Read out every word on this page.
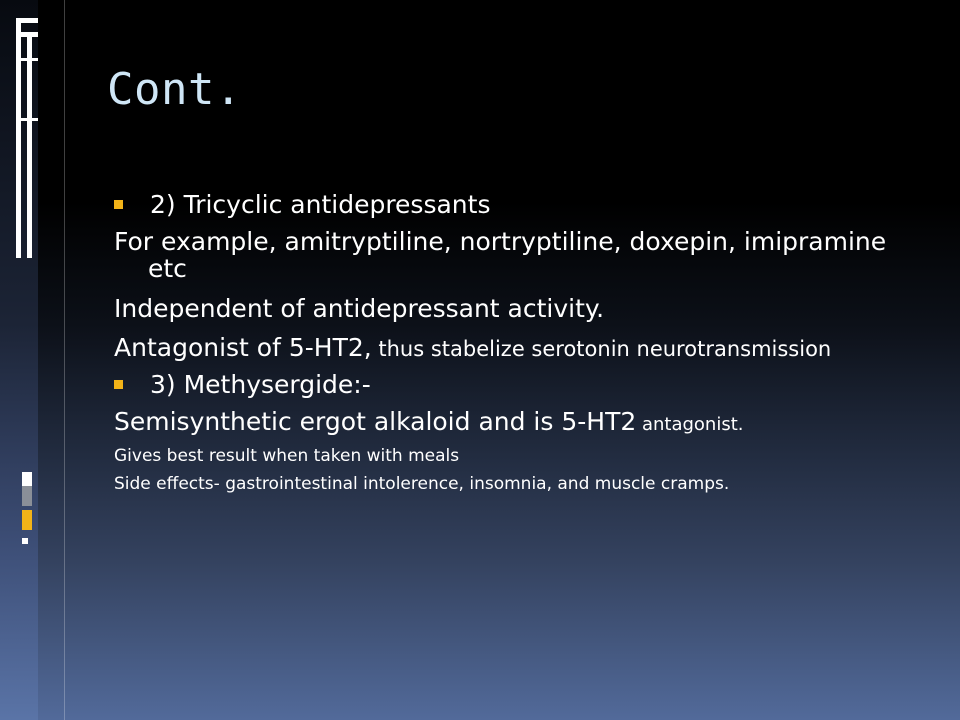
Cont.

2) Tricyclic antidepressants

For example, amitryptiline, nortryptiline, doxepin, imipramine etc

Independent of antidepressant activity.

Antagonist of 5-HT2, thus stabelize serotonin neurotransmission

3) Methysergide:-

Semisynthetic ergot alkaloid and is 5-HT2 antagonist.

Gives best result when taken with meals

Side effects- gastrointestinal intolerence, insomnia, and muscle cramps.
